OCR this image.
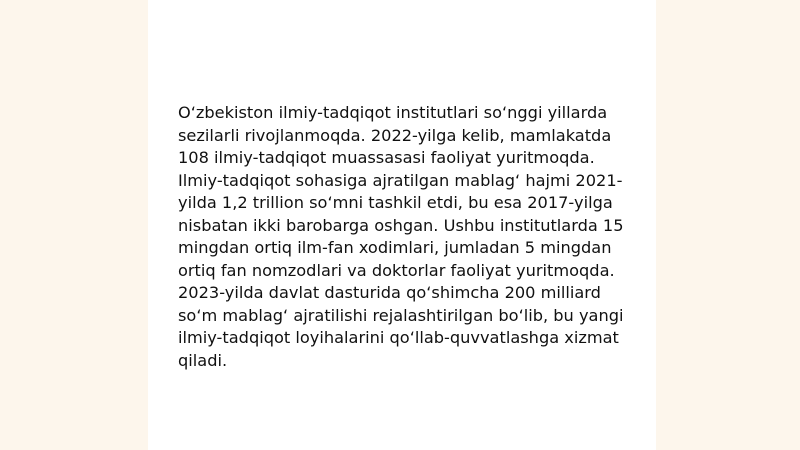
O‘zbekiston ilmiy-tadqiqot institutlari so‘nggi yillarda sezilarli rivojlanmoqda. 2022-yilga kelib, mamlakatda 108 ilmiy-tadqiqot muassasasi faoliyat yuritmoqda. Ilmiy-tadqiqot sohasiga ajratilgan mablag‘ hajmi 2021-yilda 1,2 trillion so‘mni tashkil etdi, bu esa 2017-yilga nisbatan ikki barobarga oshgan. Ushbu institutlarda 15 mingdan ortiq ilm-fan xodimlari, jumladan 5 mingdan ortiq fan nomzodlari va doktorlar faoliyat yuritmoqda. 2023-yilda davlat dasturida qo‘shimcha 200 milliard so‘m mablag‘ ajratilishi rejalashtirilgan bo‘lib, bu yangi ilmiy-tadqiqot loyihalarini qo‘llab-quvvatlashga xizmat qiladi.
